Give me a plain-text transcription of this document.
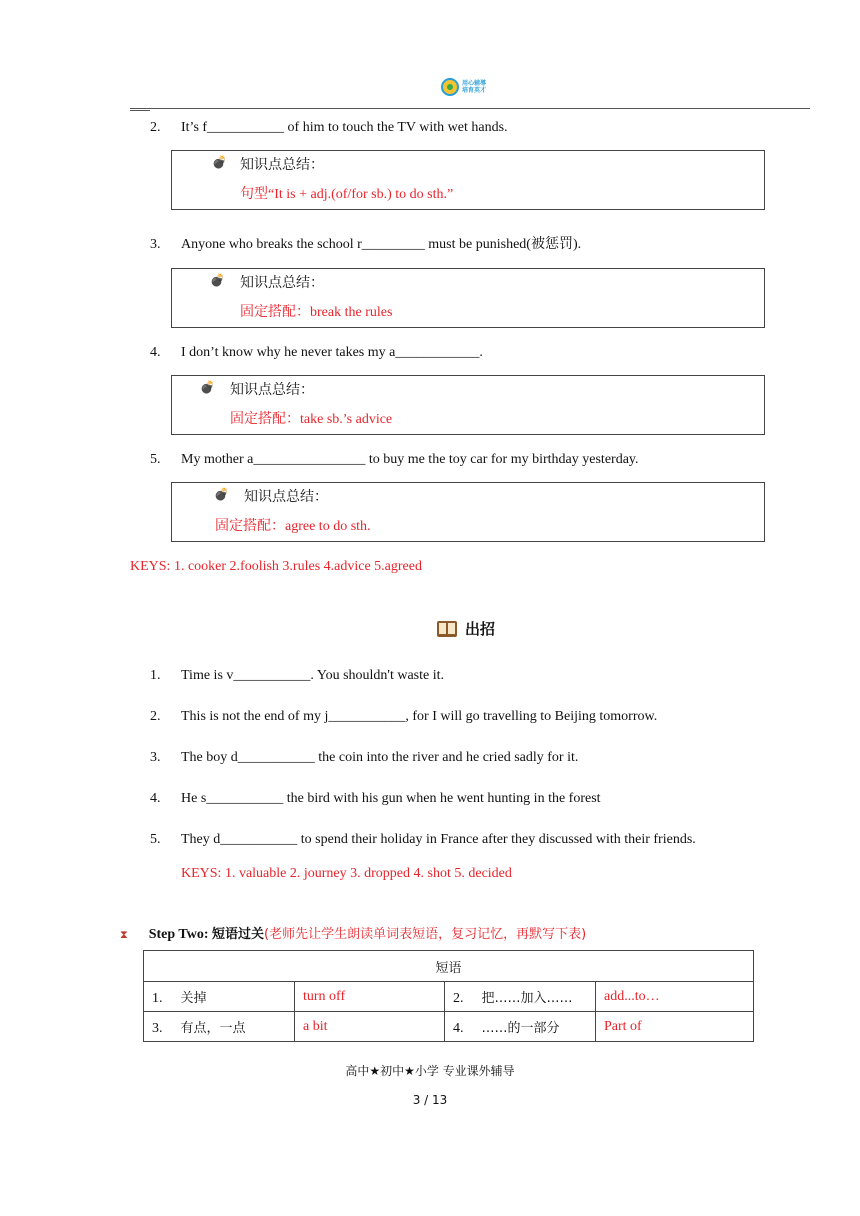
用心辅導
培育英才
2. It’s f___________ of him to touch the TV with wet hands.
💣 知识点总结：
句型“It is + adj.(of/for sb.) to do sth.”
3. Anyone who breaks the school r_________ must be punished(被惩罚).
💣 知识点总结：
固定搭配：break the rules
4. I don’t know why he never takes my a____________.
💣 知识点总结：
固定搭配：take sb.’s advice
5. My mother a________________ to buy me the toy car for my birthday yesterday.
💣 知识点总结：
固定搭配：agree to do sth.
KEYS: 1. cooker 2.foolish 3.rules 4.advice 5.agreed
出招
1. Time is v___________. You shouldn't waste it.
2. This is not the end of my j___________, for I will go travelling to Beijing tomorrow.
3. The boy d___________ the coin into the river and he cried sadly for it.
4. He s___________ the bird with his gun when he went hunting in the forest
5. They d___________ to spend their holiday in France after they discussed with their friends.
KEYS: 1. valuable 2. journey 3. dropped 4. shot 5. decided
⧗ Step Two: 短语过关(老师先让学生朗读单词表短语，复习记忆，再默写下表)
短语			
1. 关掉	turn off	2. 把……加入……	add...to…
3. 有点，一点	a bit	4. ……的一部分	Part of
高中★初中★小学 专业课外辅导
3 / 13
